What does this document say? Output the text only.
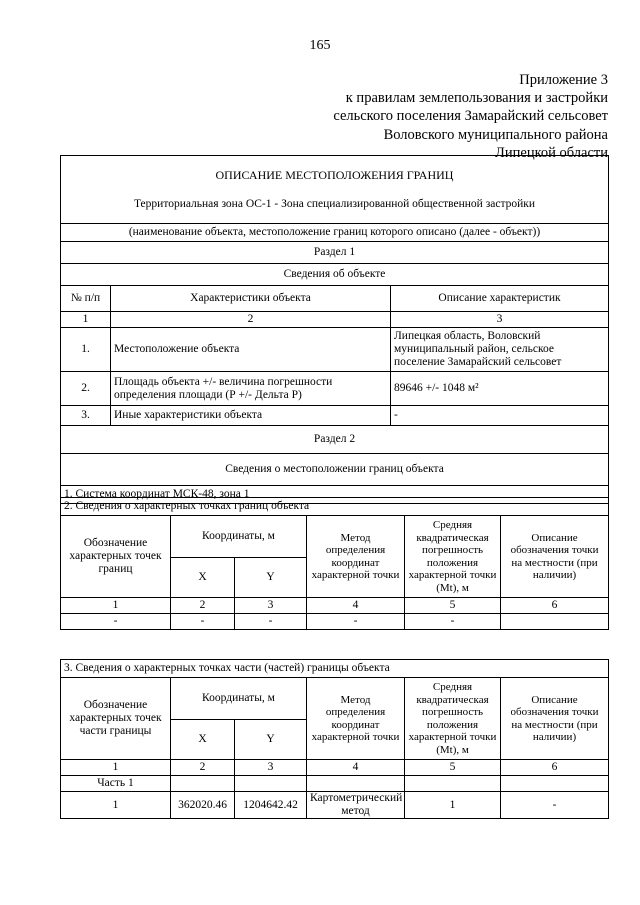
165
Приложение 3
к правилам землепользования и застройки
сельского поселения Замарайский сельсовет
Воловского муниципального района
Липецкой области
ОПИСАНИЕ МЕСТОПОЛОЖЕНИЯ ГРАНИЦ
Территориальная зона ОС-1 - Зона специализированной общественной застройки		

(наименование объекта, местоположение границ которого описано (далее - объект))		
Раздел 1		
Сведения об объекте		
№ п/п	Характеристики объекта	Описание характеристик
1	2	3
1.	Местоположение объекта	Липецкая область, Воловский муниципальный район, сельское поселение Замарайский сельсовет
2.	Площадь объекта +/- величина погрешности определения площади (Р +/- Дельта Р)	89646 +/- 1048 м²
3.	Иные характеристики объекта	-
Раздел 2		
Сведения о местоположении границ объекта		
1. Система координат МСК-48, зона 1		
2. Сведения о характерных точках границ объекта					
Обозначение характерных точек границ	Координаты, м		Метод определения координат характерной точки	Средняя квадратическая погрешность положения характерной точки (Mt), м	Описание обозначения точки на местности (при наличии)
	X	Y			
1	2	3	4	5	6
-	-	-	-	-	
3. Сведения о характерных точках части (частей) границы объекта					
Обозначение характерных точек части границы	Координаты, м		Метод определения координат характерной точки	Средняя квадратическая погрешность положения характерной точки (Mt), м	Описание обозначения точки на местности (при наличии)
	X	Y			
1	2	3	4	5	6
Часть 1					
1	362020.46	1204642.42	Картометрический метод	1	-
